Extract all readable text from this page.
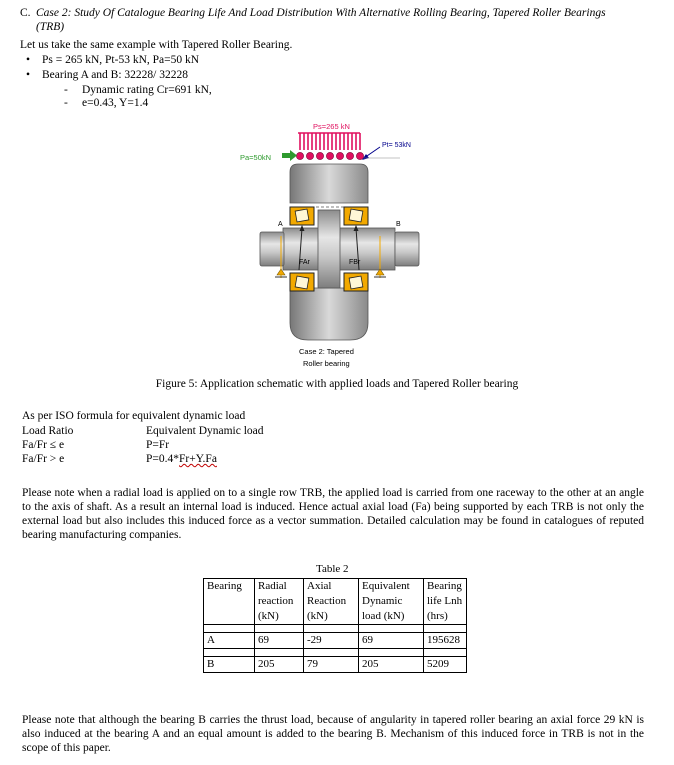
C. Case 2: Study Of Catalogue Bearing Life And Load Distribution With Alternative Rolling Bearing, Tapered Roller Bearings
(TRB)
Let us take the same example with Tapered Roller Bearing.
• Ps = 265 kN, Pt-53 kN, Pa=50 kN
• Bearing A and B: 32228/ 32228
- Dynamic rating Cr=691 kN,
- e=0.43, Y=1.4
Ps=265 kN
Pt= 53kN
Pa=50kN
A	B
FAr	FBr
Case 2: Tapered
Roller bearing
Figure 5: Application schematic with applied loads and Tapered Roller bearing
As per ISO formula for equivalent dynamic load
Load Ratio	Equivalent Dynamic load
Fa/Fr ≤ e	P=Fr
Fa/Fr > e	P=0.4*Fr+Y.Fa
Please note when a radial load is applied on to a single row TRB, the applied load is carried from one raceway to the other at an angle to the axis of shaft. As a result an internal load is induced. Hence actual axial load (Fa) being supported by each TRB is not only the external load but also includes this induced force as a vector summation. Detailed calculation may be found in catalogues of reputed bearing manufacturing companies.
Table 2
Bearing	Radial reaction (kN)	Axial Reaction (kN)	Equivalent Dynamic load (kN)	Bearing life Lnh (hrs)

A	69	-29	69	195628

B	205	79	205	5209
Please note that although the bearing B carries the thrust load, because of angularity in tapered roller bearing an axial force 29 kN is also induced at the bearing A and an equal amount is added to the bearing B. Mechanism of this induced force in TRB is not in the scope of this paper.
